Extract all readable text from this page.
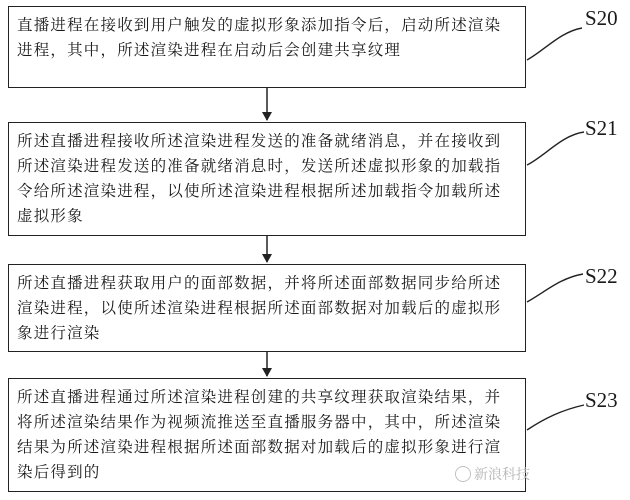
直播进程在接收到用户触发的虚拟形象添加指令后，启动所述渲染进程，其中，所述渲染进程在启动后会创建共享纹理

S20

所述直播进程接收所述渲染进程发送的准备就绪消息，并在接收到所述渲染进程发送的准备就绪消息时，发送所述虚拟形象的加载指令给所述渲染进程，以使所述渲染进程根据所述加载指令加载所述虚拟形象

S21

所述直播进程获取用户的面部数据，并将所述面部数据同步给所述渲染进程，以使所述渲染进程根据所述面部数据对加载后的虚拟形象进行渲染

S22

所述直播进程通过所述渲染进程创建的共享纹理获取渲染结果，并将所述渲染结果作为视频流推送至直播服务器中，其中，所述渲染结果为所述渲染进程根据所述面部数据对加载后的虚拟形象进行渲染后得到的

S23
新浪科技
